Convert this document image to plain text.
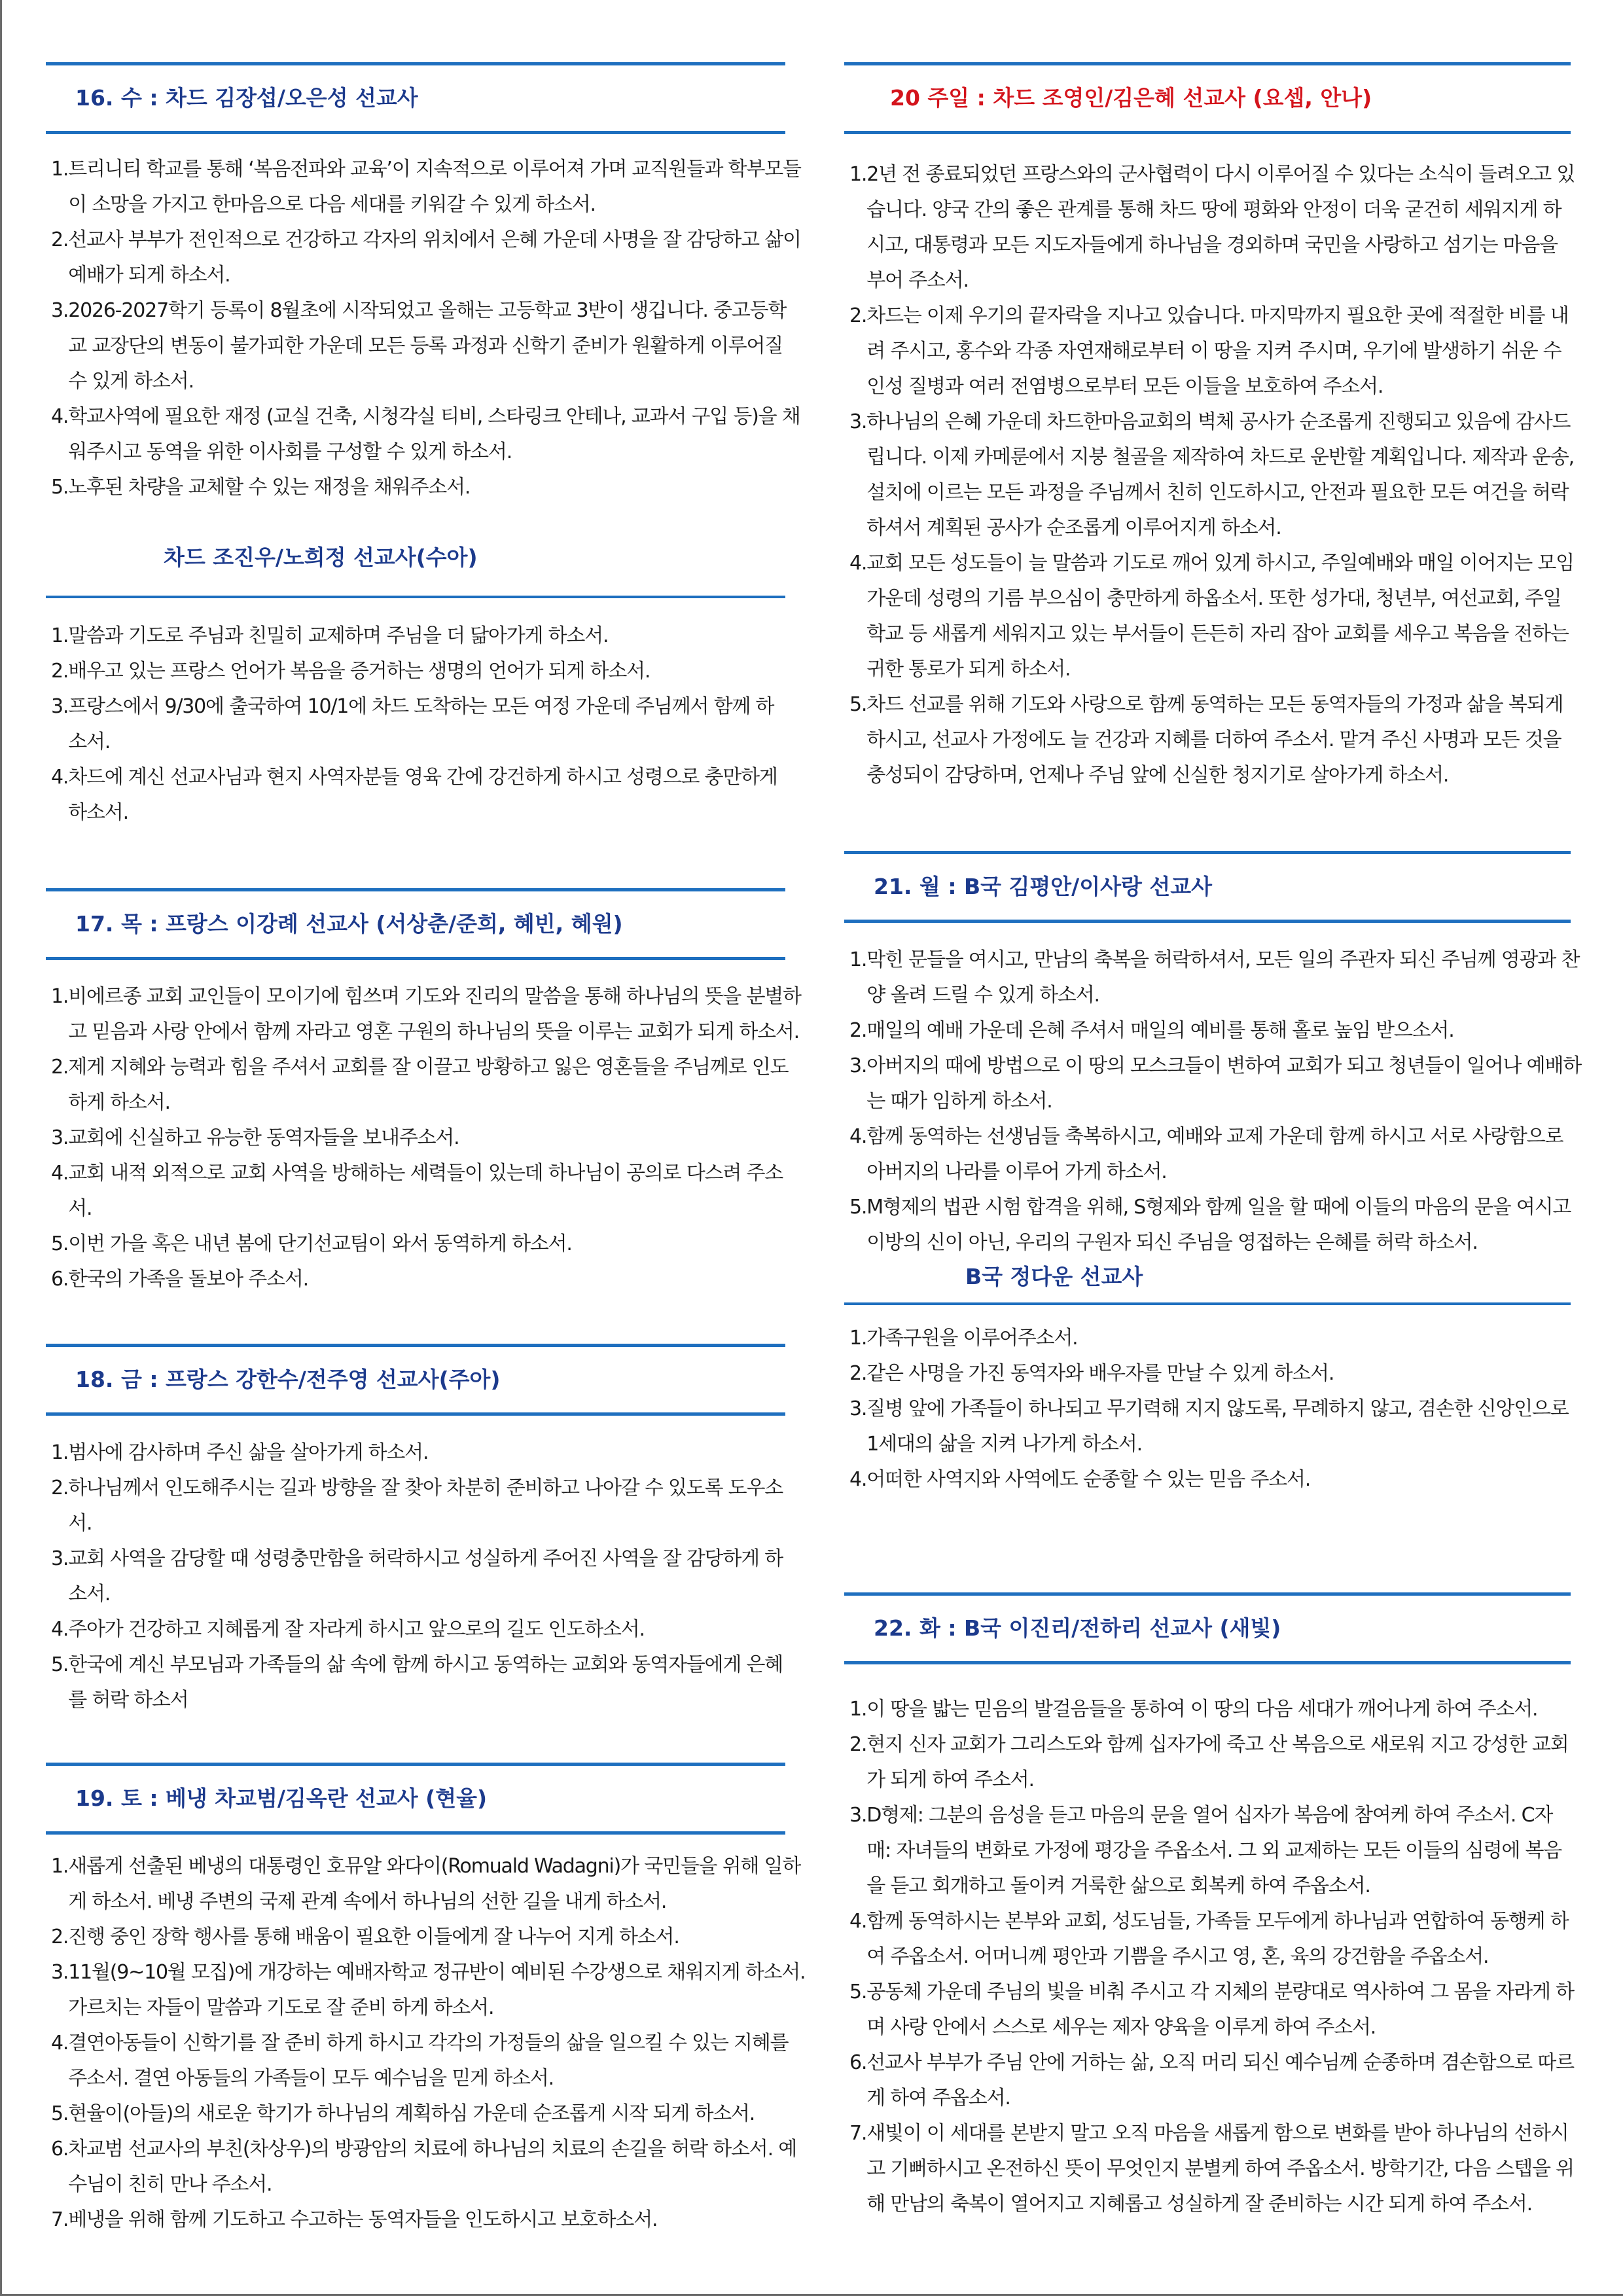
16. 수 : 차드 김장섭/오은성 선교사
1. 트리니티 학교를 통해 ‘복음전파와 교육’이 지속적으로 이루어져 가며 교직원들과 학부모들이 소망을 가지고 한마음으로 다음 세대를 키워갈 수 있게 하소서.
2. 선교사 부부가 전인적으로 건강하고 각자의 위치에서 은혜 가운데 사명을 잘 감당하고 삶이 예배가 되게 하소서.
3. 2026-2027학기 등록이 8월초에 시작되었고 올해는 고등학교 3반이 생깁니다. 중고등학교 교장단의 변동이 불가피한 가운데 모든 등록 과정과 신학기 준비가 원활하게 이루어질 수 있게 하소서.
4. 학교사역에 필요한 재정 (교실 건축, 시청각실 티비, 스타링크 안테나, 교과서 구입 등)을 채워주시고 동역을 위한 이사회를 구성할 수 있게 하소서.
5. 노후된 차량을 교체할 수 있는 재정을 채워주소서.
차드 조진우/노희정 선교사(수아)
1. 말씀과 기도로 주님과 친밀히 교제하며 주님을 더 닮아가게 하소서.
2. 배우고 있는 프랑스 언어가 복음을 증거하는 생명의 언어가 되게 하소서.
3. 프랑스에서 9/30에 출국하여 10/1에 차드 도착하는 모든 여정 가운데 주님께서 함께 하소서.
4. 차드에 계신 선교사님과 현지 사역자분들 영육 간에 강건하게 하시고 성령으로 충만하게 하소서.
17. 목 : 프랑스 이강례 선교사 (서상춘/준희, 혜빈, 혜원)
1. 비에르종 교회 교인들이 모이기에 힘쓰며 기도와 진리의 말씀을 통해 하나님의 뜻을 분별하고 믿음과 사랑 안에서 함께 자라고 영혼 구원의 하나님의 뜻을 이루는 교회가 되게 하소서.
2. 제게 지혜와 능력과 힘을 주셔서 교회를 잘 이끌고 방황하고 잃은 영혼들을 주님께로 인도하게 하소서.
3. 교회에 신실하고 유능한 동역자들을 보내주소서.
4. 교회 내적 외적으로 교회 사역을 방해하는 세력들이 있는데 하나님이 공의로 다스려 주소서.
5. 이번 가을 혹은 내년 봄에 단기선교팀이 와서 동역하게 하소서.
6. 한국의 가족을 돌보아 주소서.
18. 금 : 프랑스 강한수/전주영 선교사(주아)
1. 범사에 감사하며 주신 삶을 살아가게 하소서.
2. 하나님께서 인도해주시는 길과 방향을 잘 찾아 차분히 준비하고 나아갈 수 있도록 도우소서.
3. 교회 사역을 감당할 때 성령충만함을 허락하시고 성실하게 주어진 사역을 잘 감당하게 하소서.
4. 주아가 건강하고 지혜롭게 잘 자라게 하시고 앞으로의 길도 인도하소서.
5. 한국에 계신 부모님과 가족들의 삶 속에 함께 하시고 동역하는 교회와 동역자들에게 은혜를 허락 하소서
19. 토 : 베냉 차교범/김옥란 선교사 (현율)
1. 새롭게 선출된 베냉의 대통령인 호뮤알 와다이(Romuald Wadagni)가 국민들을 위해 일하게 하소서. 베냉 주변의 국제 관계 속에서 하나님의 선한 길을 내게 하소서.
2. 진행 중인 장학 행사를 통해 배움이 필요한 이들에게 잘 나누어 지게 하소서.
3. 11월(9~10월 모집)에 개강하는 예배자학교 정규반이 예비된 수강생으로 채워지게 하소서. 가르치는 자들이 말씀과 기도로 잘 준비 하게 하소서.
4. 결연아동들이 신학기를 잘 준비 하게 하시고 각각의 가정들의 삶을 일으킬 수 있는 지혜를 주소서. 결연 아동들의 가족들이 모두 예수님을 믿게 하소서.
5. 현율이(아들)의 새로운 학기가 하나님의 계획하심 가운데 순조롭게 시작 되게 하소서.
6. 차교범 선교사의 부친(차상우)의 방광암의 치료에 하나님의 치료의 손길을 허락 하소서. 예수님이 친히 만나 주소서.
7. 베냉을 위해 함께 기도하고 수고하는 동역자들을 인도하시고 보호하소서.
20 주일 : 차드 조영인/김은혜 선교사 (요셉, 안나)
1. 2년 전 종료되었던 프랑스와의 군사협력이 다시 이루어질 수 있다는 소식이 들려오고 있습니다. 양국 간의 좋은 관계를 통해 차드 땅에 평화와 안정이 더욱 굳건히 세워지게 하시고, 대통령과 모든 지도자들에게 하나님을 경외하며 국민을 사랑하고 섬기는 마음을 부어 주소서.
2. 차드는 이제 우기의 끝자락을 지나고 있습니다. 마지막까지 필요한 곳에 적절한 비를 내려 주시고, 홍수와 각종 자연재해로부터 이 땅을 지켜 주시며, 우기에 발생하기 쉬운 수인성 질병과 여러 전염병으로부터 모든 이들을 보호하여 주소서.
3. 하나님의 은혜 가운데 차드한마음교회의 벽체 공사가 순조롭게 진행되고 있음에 감사드립니다. 이제 카메룬에서 지붕 철골을 제작하여 차드로 운반할 계획입니다. 제작과 운송, 설치에 이르는 모든 과정을 주님께서 친히 인도하시고, 안전과 필요한 모든 여건을 허락하셔서 계획된 공사가 순조롭게 이루어지게 하소서.
4. 교회 모든 성도들이 늘 말씀과 기도로 깨어 있게 하시고, 주일예배와 매일 이어지는 모임 가운데 성령의 기름 부으심이 충만하게 하옵소서. 또한 성가대, 청년부, 여선교회, 주일학교 등 새롭게 세워지고 있는 부서들이 든든히 자리 잡아 교회를 세우고 복음을 전하는 귀한 통로가 되게 하소서.
5. 차드 선교를 위해 기도와 사랑으로 함께 동역하는 모든 동역자들의 가정과 삶을 복되게 하시고, 선교사 가정에도 늘 건강과 지혜를 더하여 주소서. 맡겨 주신 사명과 모든 것을 충성되이 감당하며, 언제나 주님 앞에 신실한 청지기로 살아가게 하소서.
21. 월 : B국 김평안/이사랑 선교사
1. 막힌 문들을 여시고, 만남의 축복을 허락하셔서, 모든 일의 주관자 되신 주님께 영광과 찬양 올려 드릴 수 있게 하소서.
2. 매일의 예배 가운데 은혜 주셔서 매일의 예비를 통해 홀로 높임 받으소서.
3. 아버지의 때에 방법으로 이 땅의 모스크들이 변하여 교회가 되고 청년들이 일어나 예배하는 때가 임하게 하소서.
4. 함께 동역하는 선생님들 축복하시고, 예배와 교제 가운데 함께 하시고 서로 사랑함으로 아버지의 나라를 이루어 가게 하소서.
5. M형제의 법관 시험 합격을 위해, S형제와 함께 일을 할 때에 이들의 마음의 문을 여시고 이방의 신이 아닌, 우리의 구원자 되신 주님을 영접하는 은혜를 허락 하소서.
B국 정다운 선교사
1. 가족구원을 이루어주소서.
2. 같은 사명을 가진 동역자와 배우자를 만날 수 있게 하소서.
3. 질병 앞에 가족들이 하나되고 무기력해 지지 않도록, 무례하지 않고, 겸손한 신앙인으로 1세대의 삶을 지켜 나가게 하소서.
4. 어떠한 사역지와 사역에도 순종할 수 있는 믿음 주소서.
22. 화 : B국 이진리/전하리 선교사 (새빛)
1. 이 땅을 밟는 믿음의 발걸음들을 통하여 이 땅의 다음 세대가 깨어나게 하여 주소서.
2. 현지 신자 교회가 그리스도와 함께 십자가에 죽고 산 복음으로 새로워 지고 강성한 교회가 되게 하여 주소서.
3. D형제: 그분의 음성을 듣고 마음의 문을 열어 십자가 복음에 참여케 하여 주소서. C자매: 자녀들의 변화로 가정에 평강을 주옵소서. 그 외 교제하는 모든 이들의 심령에 복음을 듣고 회개하고 돌이켜 거룩한 삶으로 회복케 하여 주옵소서.
4. 함께 동역하시는 본부와 교회, 성도님들, 가족들 모두에게 하나님과 연합하여 동행케 하여 주옵소서. 어머니께 평안과 기쁨을 주시고 영, 혼, 육의 강건함을 주옵소서.
5. 공동체 가운데 주님의 빛을 비춰 주시고 각 지체의 분량대로 역사하여 그 몸을 자라게 하며 사랑 안에서 스스로 세우는 제자 양육을 이루게 하여 주소서.
6. 선교사 부부가 주님 안에 거하는 삶, 오직 머리 되신 예수님께 순종하며 겸손함으로 따르게 하여 주옵소서.
7. 새빛이 이 세대를 본받지 말고 오직 마음을 새롭게 함으로 변화를 받아 하나님의 선하시고 기뻐하시고 온전하신 뜻이 무엇인지 분별케 하여 주옵소서. 방학기간, 다음 스텝을 위해 만남의 축복이 열어지고 지혜롭고 성실하게 잘 준비하는 시간 되게 하여 주소서.
